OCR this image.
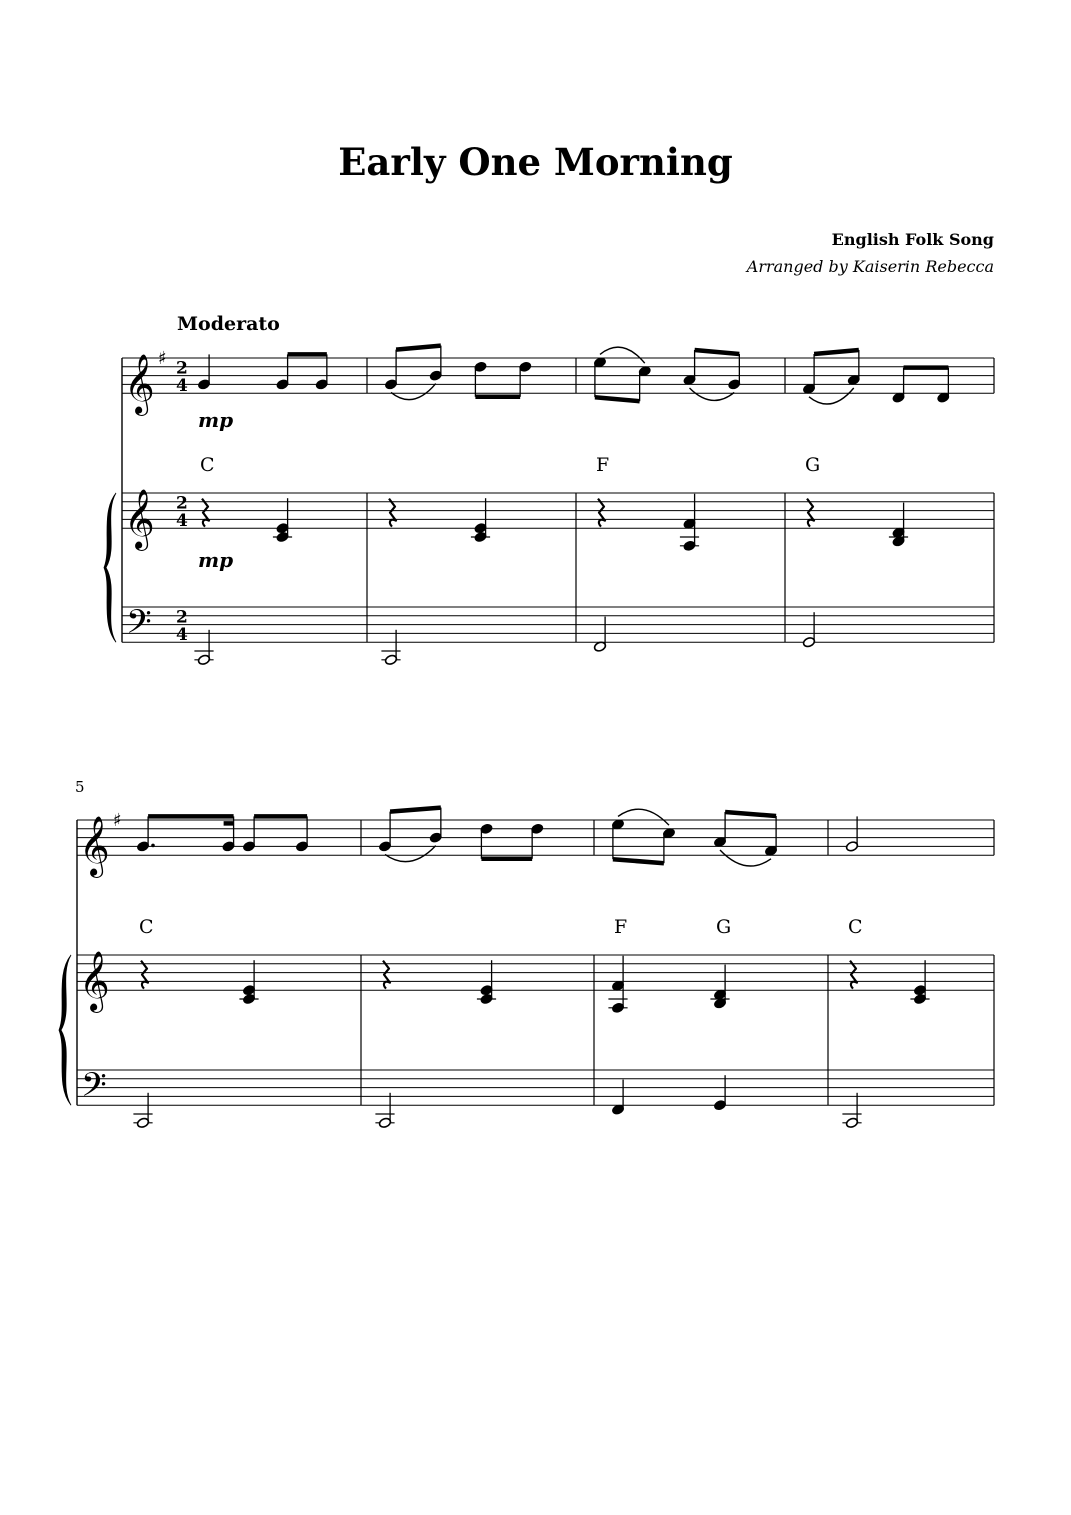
Early One Morning
English Folk Song
Arranged by Kaiserin Rebecca
Moderato
𝄞
𝄞
𝄢
♯ 2
4
2
4
2
4
mp
mp
C	F	G
5
𝄞
𝄞
𝄢
♯
C	F	G	C
